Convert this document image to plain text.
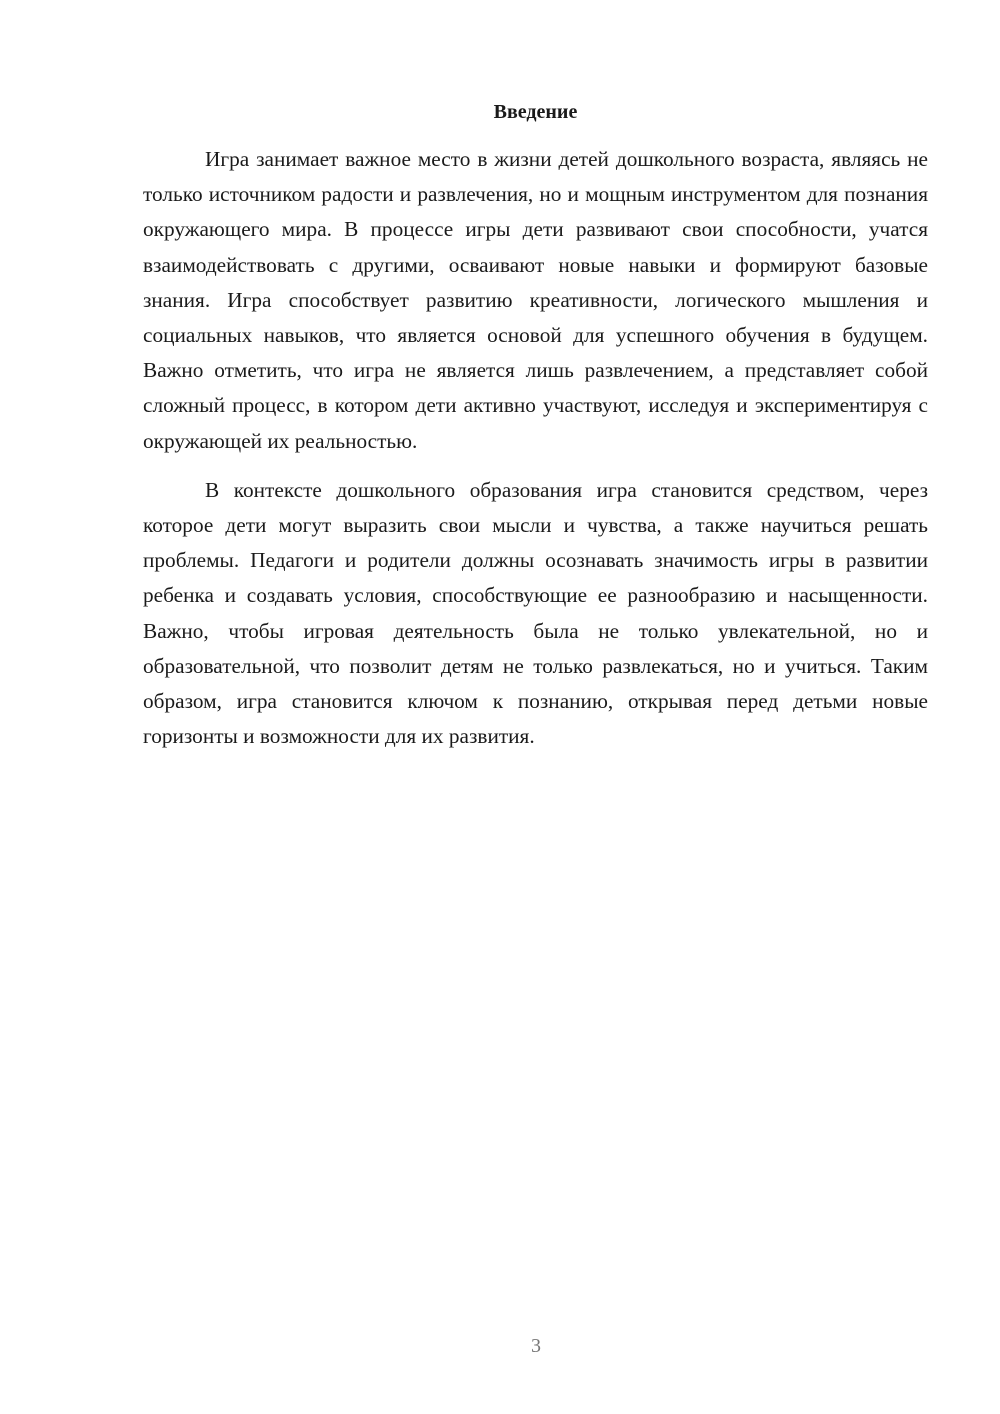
Введение

Игра занимает важное место в жизни детей дошкольного возраста, являясь не только источником радости и развлечения, но и мощным инструментом для познания окружающего мира. В процессе игры дети развивают свои способности, учатся взаимодействовать с другими, осваивают новые навыки и формируют базовые знания. Игра способствует развитию креативности, логического мышления и социальных навыков, что является основой для успешного обучения в будущем. Важно отметить, что игра не является лишь развлечением, а представляет собой сложный процесс, в котором дети активно участвуют, исследуя и экспериментируя с окружающей их реальностью.

В контексте дошкольного образования игра становится средством, через которое дети могут выразить свои мысли и чувства, а также научиться решать проблемы. Педагоги и родители должны осознавать значимость игры в развитии ребенка и создавать условия, способствующие ее разнообразию и насыщенности. Важно, чтобы игровая деятельность была не только увлекательной, но и образовательной, что позволит детям не только развлекаться, но и учиться. Таким образом, игра становится ключом к познанию, открывая перед детьми новые горизонты и возможности для их развития.

3
